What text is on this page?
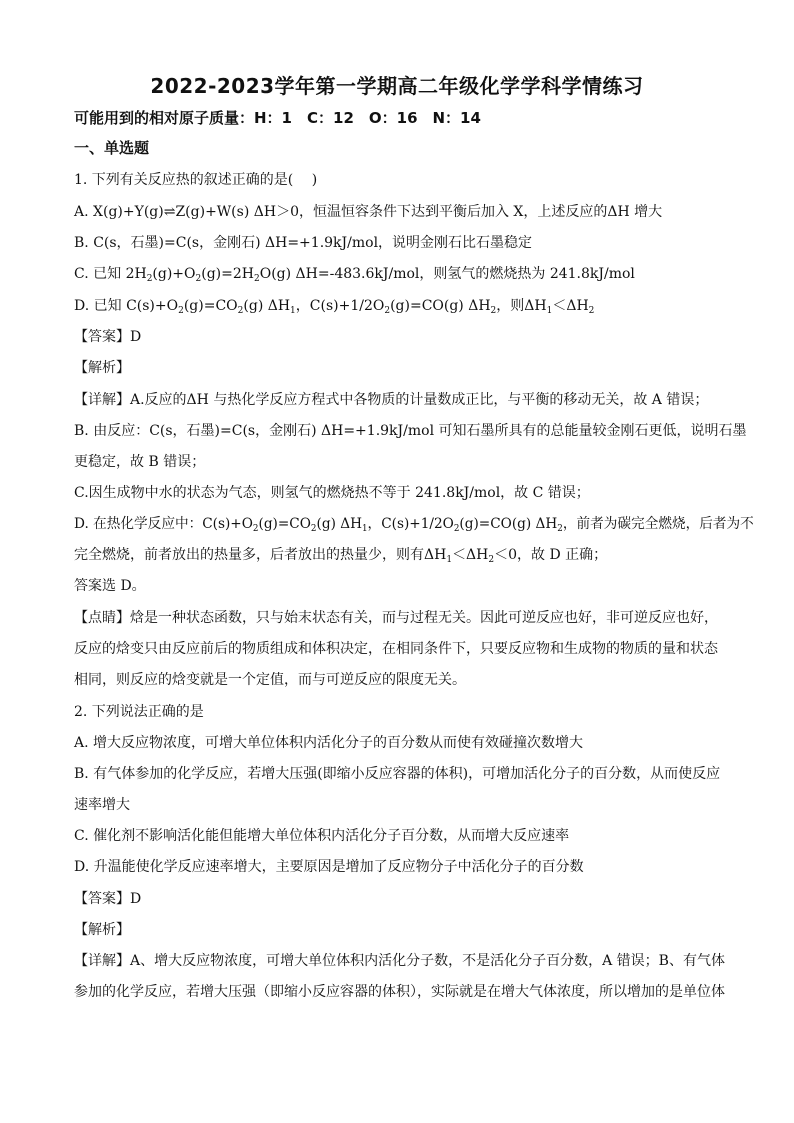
2022-2023学年第一学期高二年级化学学科学情练习
可能用到的相对原子质量：H：1　C：12　O：16　N：14
一、单选题
1. 下列有关反应热的叙述正确的是(　 )
A. X(g)+Y(g)⇌Z(g)+W(s) ΔH＞0，恒温恒容条件下达到平衡后加入 X，上述反应的ΔH 增大
B. C(s，石墨)=C(s，金刚石) ΔH=+1.9kJ/mol，说明金刚石比石墨稳定
C. 已知 $2H_2(g)+O_2(g)=2H_2O(g)$ ΔH=-483.6kJ/mol，则氢气的燃烧热为 241.8kJ/mol
D. 已知 $C(s)+O_2(g)=CO_2(g)$ $\Delta H_1$，$C(s)+1/2O_2(g)=CO(g)$ $\Delta H_2$，则$\Delta H_1<\Delta H_2$
【答案】D
【解析】
【详解】A.反应的ΔH 与热化学反应方程式中各物质的计量数成正比，与平衡的移动无关，故 A 错误；
B. 由反应：C(s，石墨)=C(s，金刚石) ΔH=+1.9kJ/mol 可知石墨所具有的总能量较金刚石更低，说明石墨
更稳定，故 B 错误；
C.因生成物中水的状态为气态，则氢气的燃烧热不等于 241.8kJ/mol，故 C 错误；
D. 在热化学反应中：$C(s)+O_2(g)=CO_2(g)$ $\Delta H_1$，$C(s)+1/2O_2(g)=CO(g)$ $\Delta H_2$，前者为碳完全燃烧，后者为不
完全燃烧，前者放出的热量多，后者放出的热量少，则有$\Delta H_1<\Delta H_2<0$，故 D 正确；
答案选 D。
【点睛】焓是一种状态函数，只与始末状态有关，而与过程无关。因此可逆反应也好，非可逆反应也好，
反应的焓变只由反应前后的物质组成和体积决定，在相同条件下，只要反应物和生成物的物质的量和状态
相同，则反应的焓变就是一个定值，而与可逆反应的限度无关。
2. 下列说法正确的是
A. 增大反应物浓度，可增大单位体积内活化分子的百分数从而使有效碰撞次数增大
B. 有气体参加的化学反应，若增大压强(即缩小反应容器的体积)，可增加活化分子的百分数，从而使反应
速率增大
C. 催化剂不影响活化能但能增大单位体积内活化分子百分数，从而增大反应速率
D. 升温能使化学反应速率增大，主要原因是增加了反应物分子中活化分子的百分数
【答案】D
【解析】
【详解】A、增大反应物浓度，可增大单位体积内活化分子数，不是活化分子百分数，A 错误；B、有气体
参加的化学反应，若增大压强（即缩小反应容器的体积），实际就是在增大气体浓度，所以增加的是单位体
